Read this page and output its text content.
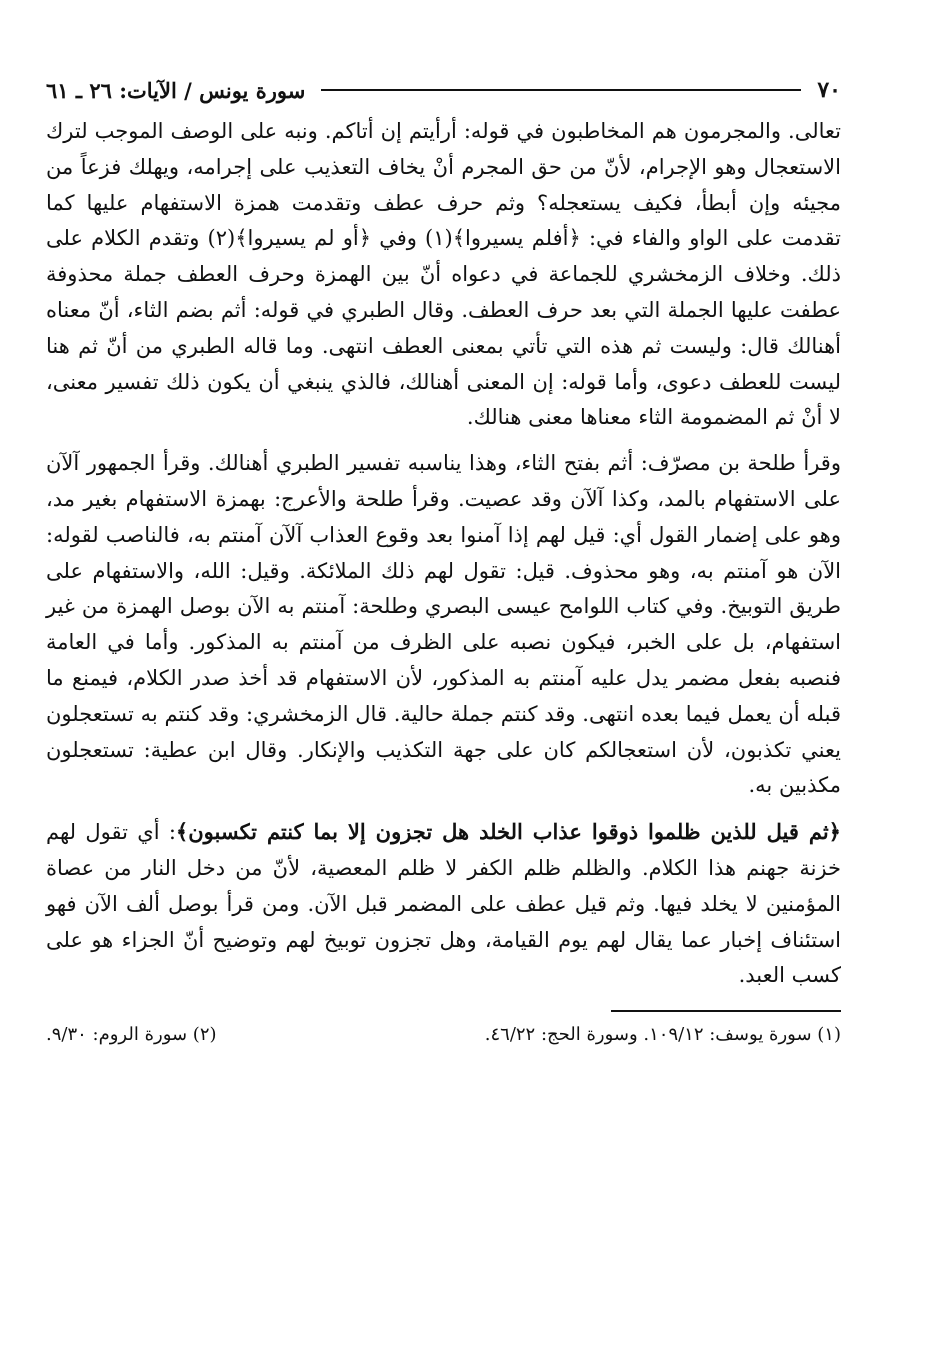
٧٠
سورة يونس / الآيات: ٢٦ ـ ٦١

تعالى. والمجرمون هم المخاطبون في قوله: أرأيتم إن أتاكم. ونبه على الوصف الموجب لترك الاستعجال وهو الإجرام، لأنّ من حق المجرم أنْ يخاف التعذيب على إجرامه، ويهلك فزعاً من مجيئه وإن أبطأ، فكيف يستعجله؟ وثم حرف عطف وتقدمت همزة الاستفهام عليها كما تقدمت على الواو والفاء في: ﴿أفلم يسيروا﴾(١) وفي ﴿أو لم يسيروا﴾(٢) وتقدم الكلام على ذلك. وخلاف الزمخشري للجماعة في دعواه أنّ بين الهمزة وحرف العطف جملة محذوفة عطفت عليها الجملة التي بعد حرف العطف. وقال الطبري في قوله: أثم بضم الثاء، أنّ معناه أهنالك قال: وليست ثم هذه التي تأتي بمعنى العطف انتهى. وما قاله الطبري من أنّ ثم هنا ليست للعطف دعوى، وأما قوله: إن المعنى أهنالك، فالذي ينبغي أن يكون ذلك تفسير معنى، لا أنْ ثم المضمومة الثاء معناها معنى هنالك.

وقرأ طلحة بن مصرّف: أثم بفتح الثاء، وهذا يناسبه تفسير الطبري أهنالك. وقرأ الجمهور آلآن على الاستفهام بالمد، وكذا آلآن وقد عصيت. وقرأ طلحة والأعرج: بهمزة الاستفهام بغير مد، وهو على إضمار القول أي: قيل لهم إذا آمنوا بعد وقوع العذاب آلآن آمنتم به، فالناصب لقوله: الآن هو آمنتم به، وهو محذوف. قيل: تقول لهم ذلك الملائكة. وقيل: الله، والاستفهام على طريق التوبيخ. وفي كتاب اللوامح عيسى البصري وطلحة: آمنتم به الآن بوصل الهمزة من غير استفهام، بل على الخبر، فيكون نصبه على الظرف من آمنتم به المذكور. وأما في العامة فنصبه بفعل مضمر يدل عليه آمنتم به المذكور، لأن الاستفهام قد أخذ صدر الكلام، فيمنع ما قبله أن يعمل فيما بعده انتهى. وقد كنتم جملة حالية. قال الزمخشري: وقد كنتم به تستعجلون يعني تكذبون، لأن استعجالكم كان على جهة التكذيب والإنكار. وقال ابن عطية: تستعجلون مكذبين به.

﴿ثم قيل للذين ظلموا ذوقوا عذاب الخلد هل تجزون إلا بما كنتم تكسبون﴾: أي تقول لهم خزنة جهنم هذا الكلام. والظلم ظلم الكفر لا ظلم المعصية، لأنّ من دخل النار من عصاة المؤمنين لا يخلد فيها. وثم قيل عطف على المضمر قبل الآن. ومن قرأ بوصل ألف الآن فهو استئناف إخبار عما يقال لهم يوم القيامة، وهل تجزون توبيخ لهم وتوضيح أنّ الجزاء هو على كسب العبد.

(١) سورة يوسف: ١٠٩/١٢. وسورة الحج: ٤٦/٢٢.
(٢) سورة الروم: ٩/٣٠.
